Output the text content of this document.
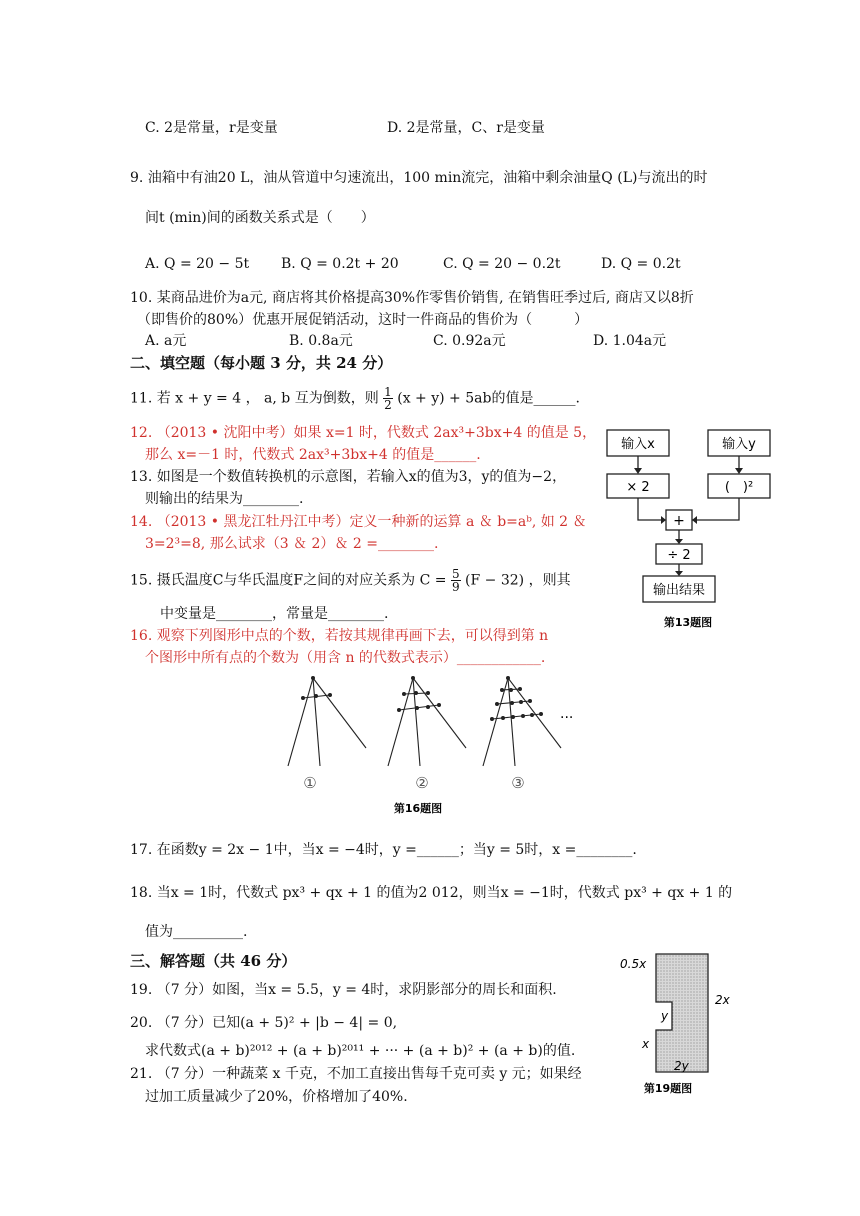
C. 2是常量，r是变量	D. 2是常量，C、r是变量
9. 油箱中有油20 L，油从管道中匀速流出，100 min流完，油箱中剩余油量Q (L)与流出的时
间t (min)间的函数关系式是（　　）
A. Q = 20 − 5t B. Q = 0.2t + 20	C. Q = 20 − 0.2t	D. Q = 0.2t
10. 某商品进价为a元, 商店将其价格提高30%作零售价销售, 在销售旺季过后, 商店又以8折
（即售价的80%）优惠开展促销活动，这时一件商品的售价为（　　　）
A. a元	B. 0.8a元	C. 0.92a元	D. 1.04a元
二、填空题（每小题 3 分，共 24 分）
11. 若 x + y = 4 ， a, b 互为倒数，则 $\frac{1}{2} (x + y) + 5ab$的值是______.
12. （2013 • 沈阳中考）如果 x=1 时，代数式 2ax³+3bx+4 的值是 5，
那么 x=－1 时，代数式 2ax³+3bx+4 的值是______.
13. 如图是一个数值转换机的示意图，若输入x的值为3，y的值为−2，
则输出的结果为________.
14. （2013 • 黑龙江牡丹江中考）定义一种新的运算 a ＆ b=aᵇ, 如 2 ＆
3=2³=8, 那么试求（3 ＆ 2）＆ 2 =________.
15. 摄氏温度C与华氏温度F之间的对应关系为 $C = \frac{5}{9} (F - 32)$ ，则其
中变量是________，常量是________.
16. 观察下列图形中点的个数，若按其规律再画下去，可以得到第 n
个图形中所有点的个数为（用含 n 的代数式表示）____________.
输入x	输入y
× 2	(　)²
+
÷ 2
输出结果
第13题图
···
①	②	③
第16题图
17. 在函数y = 2x − 1中，当x = −4时，y =______；当y = 5时，x =________.
18. 当x = 1时，代数式 px³ + qx + 1 的值为2 012，则当x = −1时，代数式 px³ + qx + 1 的
值为__________.
三、解答题（共 46 分）
19. （7 分）如图，当x = 5.5，y = 4时，求阴影部分的周长和面积.
20. （7 分）已知(a + 5)² + |b − 4| = 0,
求代数式(a + b)²⁰¹² + (a + b)²⁰¹¹ + ··· + (a + b)² + (a + b)的值.
21. （7 分）一种蔬菜 x 千克，不加工直接出售每千克可卖 y 元；如果经
过加工质量减少了20%，价格增加了40%.
0.5x
y
2x
x
2y
第19题图
